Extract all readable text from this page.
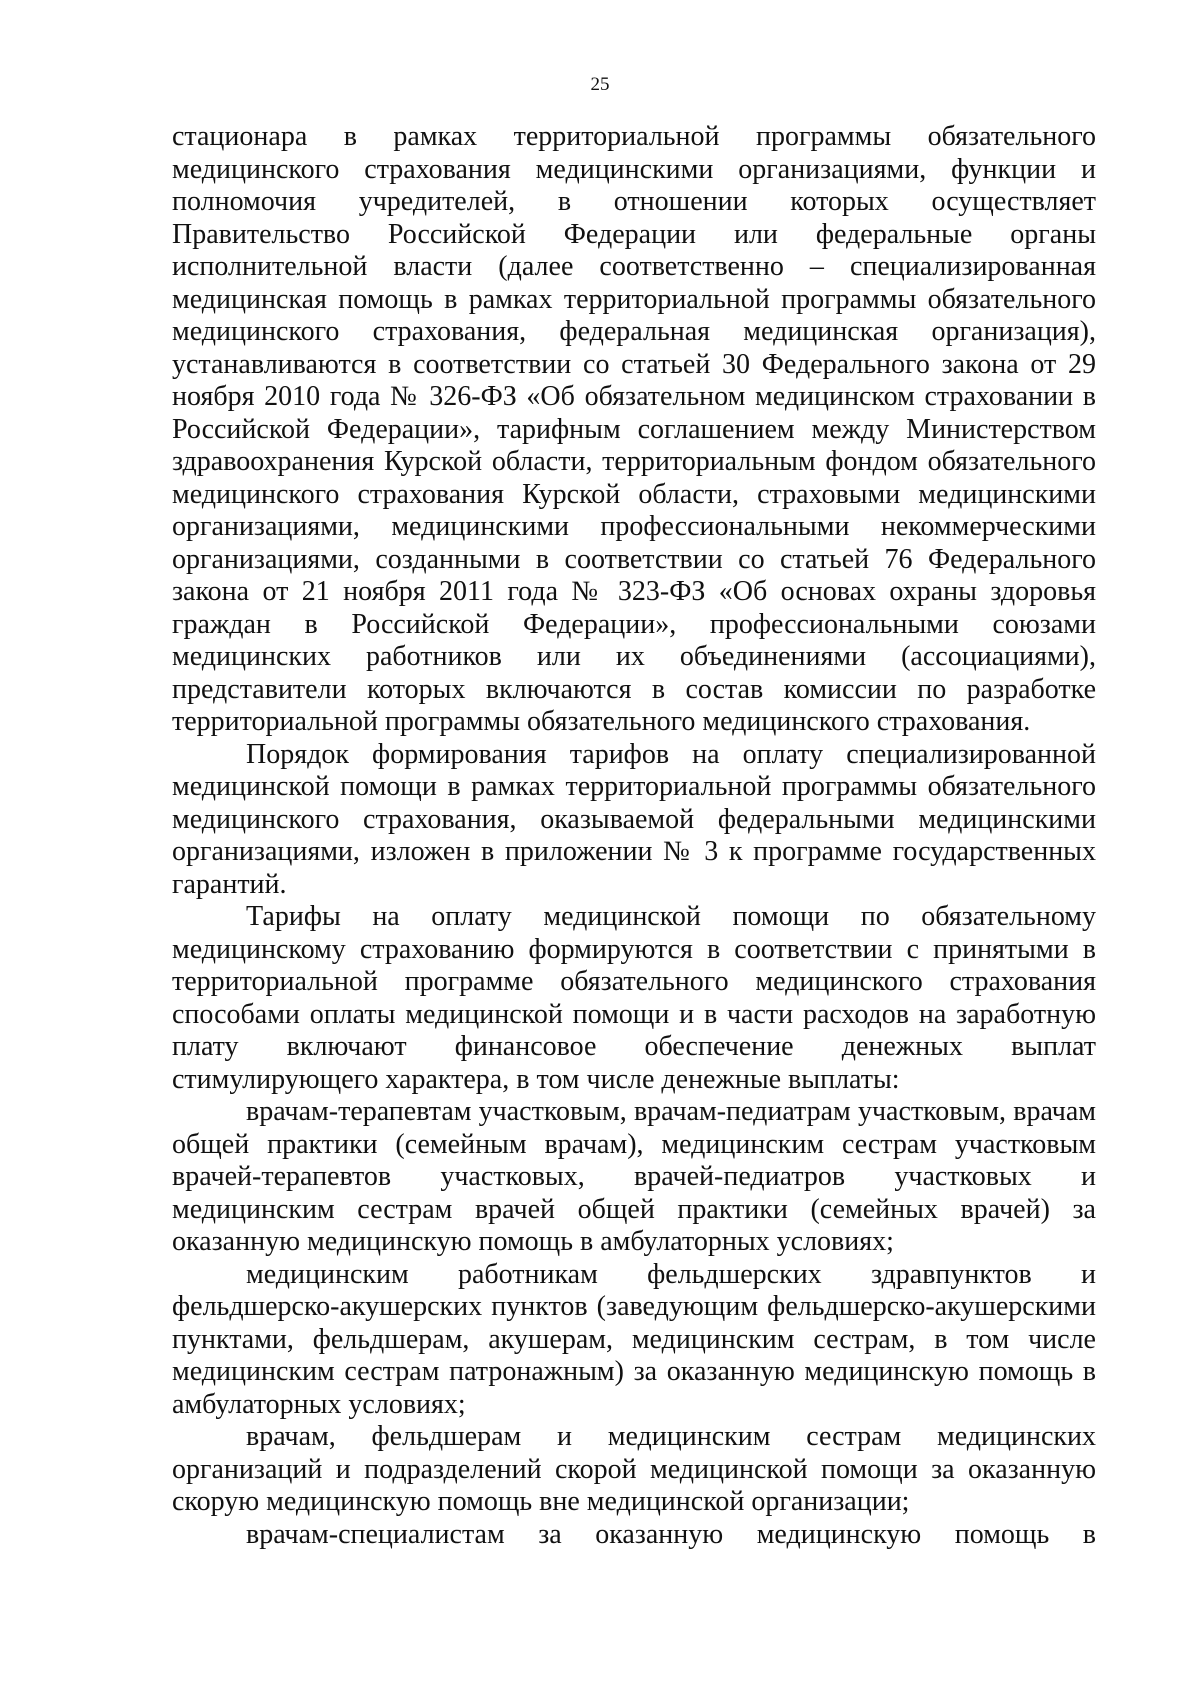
25

стационара в рамках территориальной программы обязательного медицинского страхования медицинскими организациями, функции и полномочия учредителей, в отношении которых осуществляет Правительство Российской Федерации или федеральные органы исполнительной власти (далее соответственно – специализированная медицинская помощь в рамках территориальной программы обязательного медицинского страхования, федеральная медицинская организация), устанавливаются в соответствии со статьей 30 Федерального закона от 29 ноября 2010 года № 326-ФЗ «Об обязательном медицинском страховании в Российской Федерации», тарифным соглашением между Министерством здравоохранения Курской области, территориальным фондом обязательного медицинского страхования Курской области, страховыми медицинскими организациями, медицинскими профессиональными некоммерческими организациями, созданными в соответствии со статьей 76 Федерального закона от 21 ноября 2011 года № 323-ФЗ «Об основах охраны здоровья граждан в Российской Федерации», профессиональными союзами медицинских работников или их объединениями (ассоциациями), представители которых включаются в состав комиссии по разработке территориальной программы обязательного медицинского страхования.

Порядок формирования тарифов на оплату специализированной медицинской помощи в рамках территориальной программы обязательного медицинского страхования, оказываемой федеральными медицинскими организациями, изложен в приложении № 3 к программе государственных гарантий.

Тарифы на оплату медицинской помощи по обязательному медицинскому страхованию формируются в соответствии с принятыми в территориальной программе обязательного медицинского страхования способами оплаты медицинской помощи и в части расходов на заработную плату включают финансовое обеспечение денежных выплат стимулирующего характера, в том числе денежные выплаты:

врачам-терапевтам участковым, врачам-педиатрам участковым, врачам общей практики (семейным врачам), медицинским сестрам участковым врачей-терапевтов участковых, врачей-педиатров участковых и медицинским сестрам врачей общей практики (семейных врачей) за оказанную медицинскую помощь в амбулаторных условиях;

медицинским работникам фельдшерских здравпунктов и фельдшерско-акушерских пунктов (заведующим фельдшерско-акушерскими пунктами, фельдшерам, акушерам, медицинским сестрам, в том числе медицинским сестрам патронажным) за оказанную медицинскую помощь в амбулаторных условиях;

врачам, фельдшерам и медицинским сестрам медицинских организаций и подразделений скорой медицинской помощи за оказанную скорую медицинскую помощь вне медицинской организации;

врачам-специалистам за оказанную медицинскую помощь в
